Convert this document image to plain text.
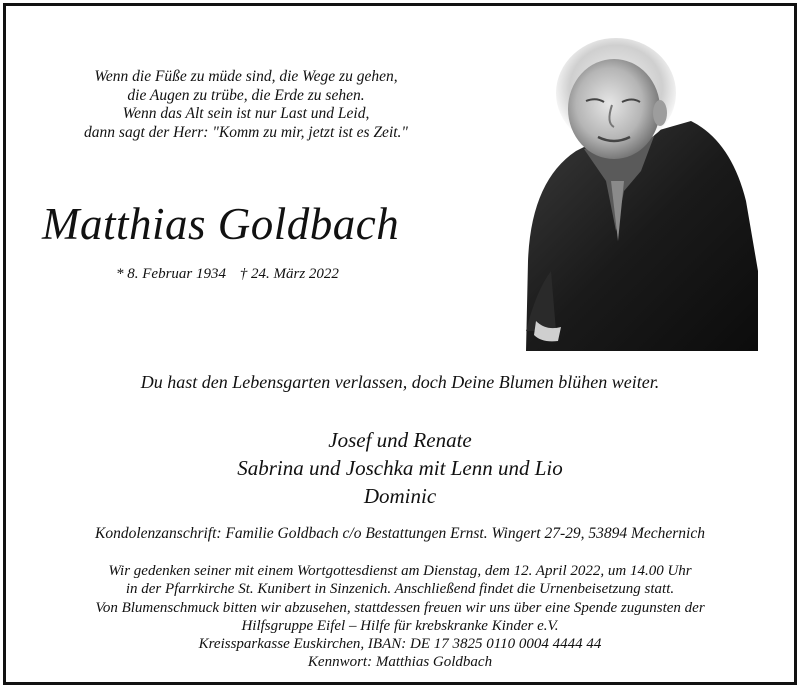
Wenn die Füße zu müde sind, die Wege zu gehen,
die Augen zu trübe, die Erde zu sehen.
Wenn das Alt sein ist nur Last und Leid,
dann sagt der Herr: "Komm zu mir, jetzt ist es Zeit."
Matthias Goldbach
* 8. Februar 1934 † 24. März 2022
Du hast den Lebensgarten verlassen, doch Deine Blumen blühen weiter.
Josef und Renate
Sabrina und Joschka mit Lenn und Lio
Dominic
Kondolenzanschrift: Familie Goldbach c/o Bestattungen Ernst. Wingert 27-29, 53894 Mechernich
Wir gedenken seiner mit einem Wortgottesdienst am Dienstag, dem 12. April 2022, um 14.00 Uhr
in der Pfarrkirche St. Kunibert in Sinzenich. Anschließend findet die Urnenbeisetzung statt.
Von Blumenschmuck bitten wir abzusehen, stattdessen freuen wir uns über eine Spende zugunsten der
Hilfsgruppe Eifel – Hilfe für krebskranke Kinder e.V.
Kreissparkasse Euskirchen, IBAN: DE 17 3825 0110 0004 4444 44
Kennwort: Matthias Goldbach
